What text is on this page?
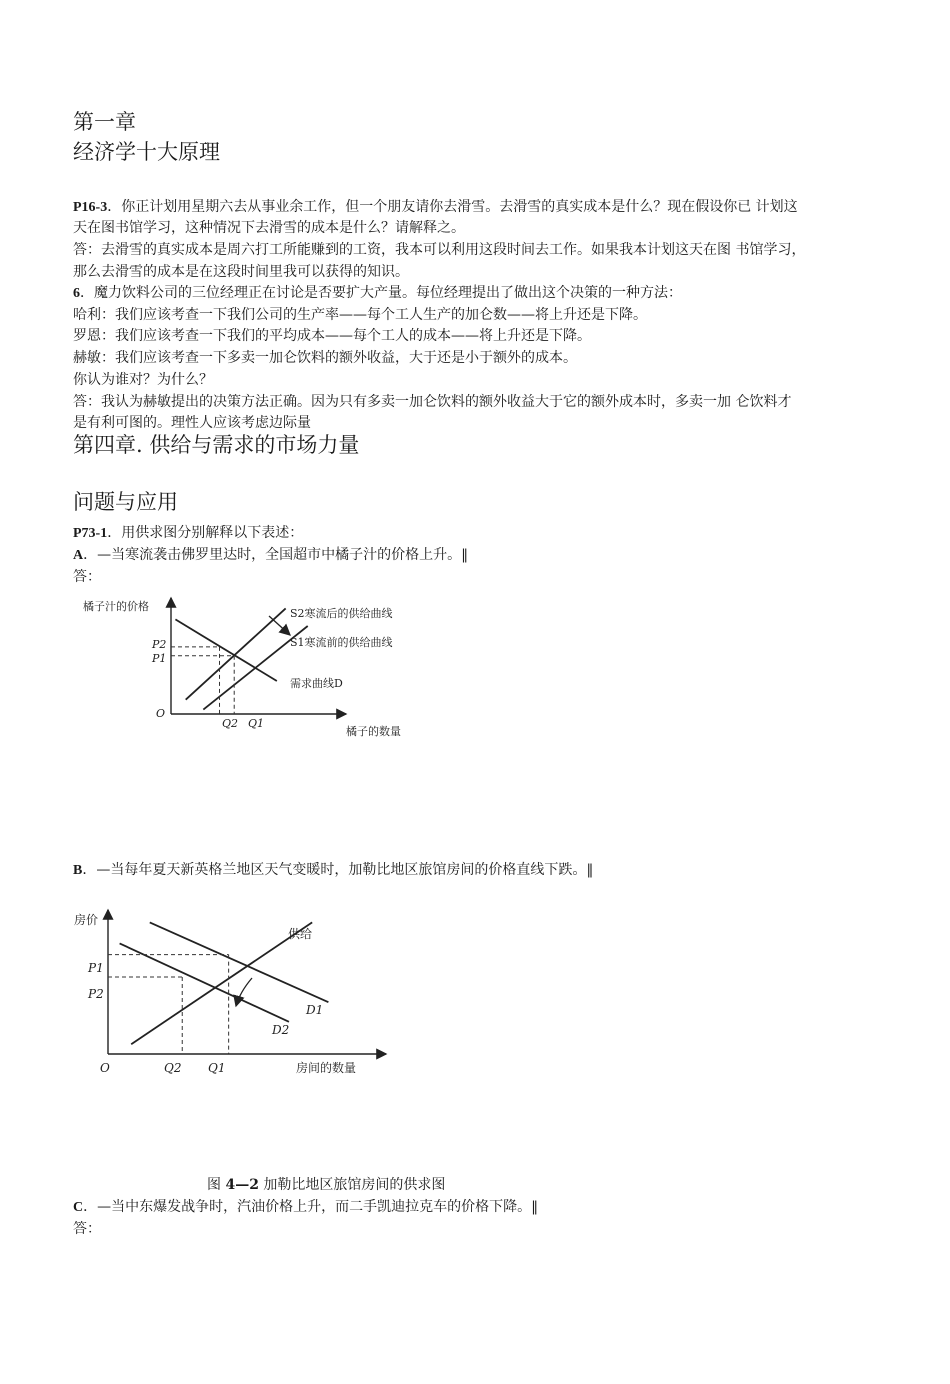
第一章
经济学十大原理
P16-3．你正计划用星期六去从事业余工作，但一个朋友请你去滑雪。去滑雪的真实成本是什么？现在假设你已 计划这
天在图书馆学习，这种情况下去滑雪的成本是什么？请解释之。
答：去滑雪的真实成本是周六打工所能赚到的工资，我本可以利用这段时间去工作。如果我本计划这天在图 书馆学习，
那么去滑雪的成本是在这段时间里我可以获得的知识。
6．魔力饮料公司的三位经理正在讨论是否要扩大产量。每位经理提出了做出这个决策的一种方法：
哈利：我们应该考查一下我们公司的生产率——每个工人生产的加仑数——将上升还是下降。
罗恩：我们应该考查一下我们的平均成本——每个工人的成本——将上升还是下降。
赫敏：我们应该考查一下多卖一加仑饮料的额外收益，大于还是小于额外的成本。
你认为谁对？为什么？
答：我认为赫敏提出的决策方法正确。因为只有多卖一加仑饮料的额外收益大于它的额外成本时，多卖一加 仑饮料才
是有利可图的。理性人应该考虑边际量
第四章. 供给与需求的市场力量
问题与应用
P73-1．用供求图分别解释以下表述：
A．—当寒流袭击佛罗里达时，全国超市中橘子汁的价格上升。‖
答：
橘子汁的价格
橘子的数量
O
P2
P1
Q2 Q1
S2寒流后的供给曲线
S1寒流前的供给曲线
需求曲线D
B．—当每年夏天新英格兰地区天气变暖时，加勒比地区旅馆房间的价格直线下跌。‖
房价
房间的数量
O
P1
P2
Q2 Q1
供给
D1
D2
图 4—2 加勒比地区旅馆房间的供求图
C．—当中东爆发战争时，汽油价格上升，而二手凯迪拉克车的价格下降。‖
答：
